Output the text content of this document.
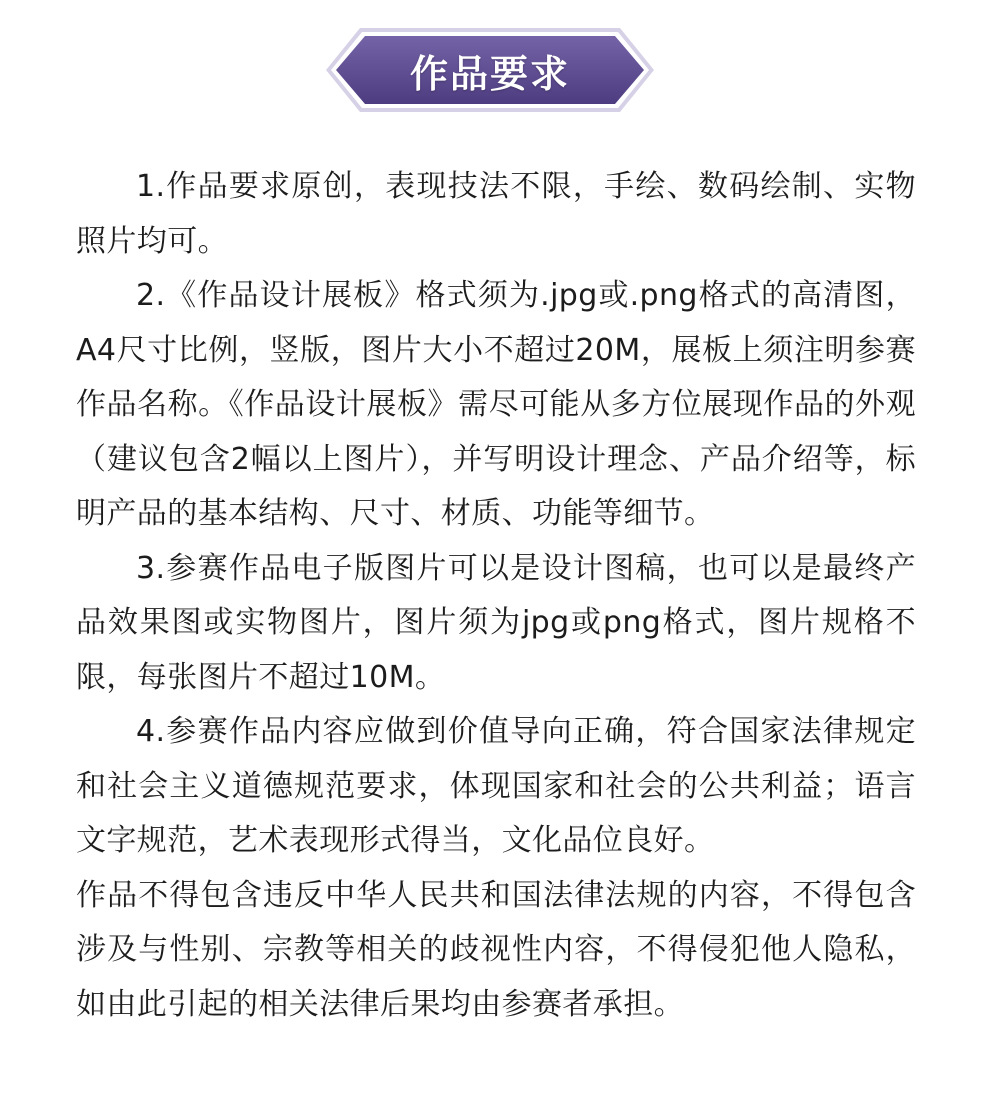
作品要求

1.作品要求原创，表现技法不限，手绘、数码绘制、实物照片均可。

2.《作品设计展板》格式须为.jpg或.png格式的高清图，A4尺寸比例，竖版，图片大小不超过20M，展板上须注明参赛作品名称。《作品设计展板》需尽可能从多方位展现作品的外观（建议包含2幅以上图片），并写明设计理念、产品介绍等，标明产品的基本结构、尺寸、材质、功能等细节。

3.参赛作品电子版图片可以是设计图稿，也可以是最终产品效果图或实物图片，图片须为jpg或png格式，图片规格不限，每张图片不超过10M。

4.参赛作品内容应做到价值导向正确，符合国家法律规定和社会主义道德规范要求，体现国家和社会的公共利益；语言文字规范，艺术表现形式得当，文化品位良好。

作品不得包含违反中华人民共和国法律法规的内容，不得包含涉及与性别、宗教等相关的歧视性内容，不得侵犯他人隐私，如由此引起的相关法律后果均由参赛者承担。
